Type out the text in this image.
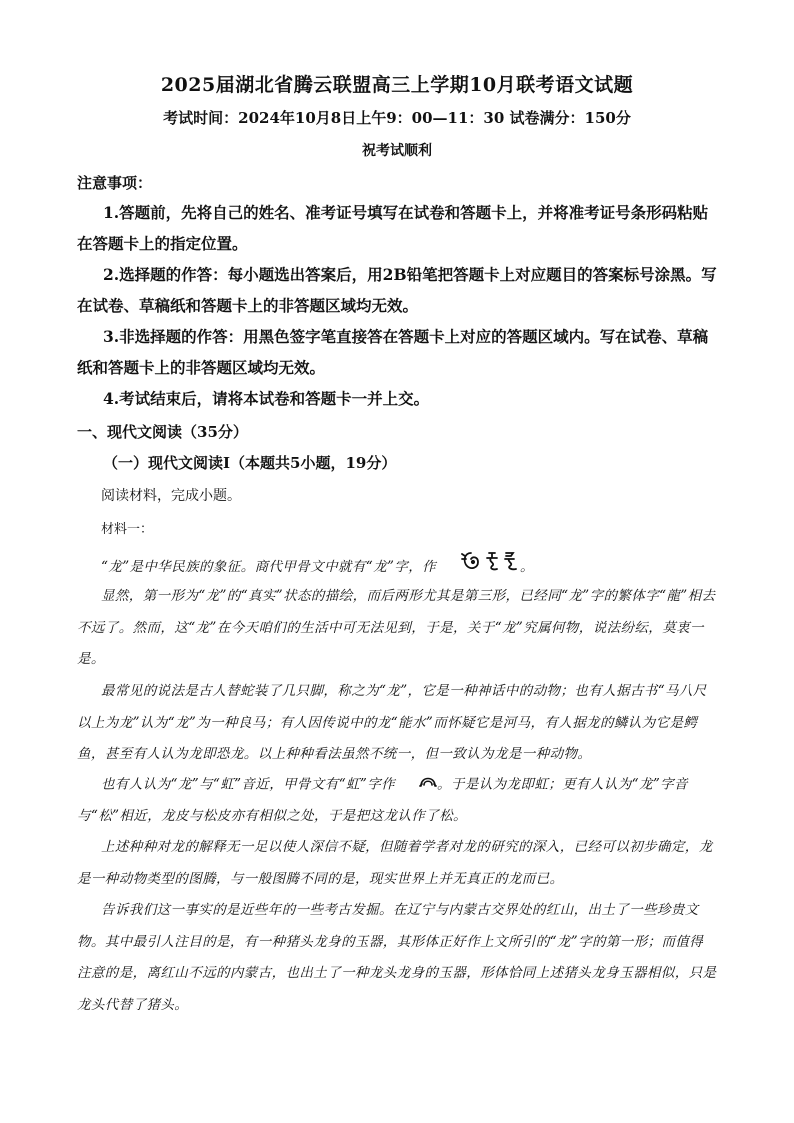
2025届湖北省腾云联盟高三上学期10月联考语文试题
考试时间：2024年10月8日上午9：00—11：30 试卷满分：150分
祝考试顺利
注意事项：

1.答题前，先将自己的姓名、准考证号填写在试卷和答题卡上，并将准考证号条形码粘贴在答题卡上的指定位置。

2.选择题的作答：每小题选出答案后，用2B铅笔把答题卡上对应题目的答案标号涂黑。写在试卷、草稿纸和答题卡上的非答题区域均无效。

3.非选择题的作答：用黑色签字笔直接答在答题卡上对应的答题区域内。写在试卷、草稿纸和答题卡上的非答题区域均无效。

4.考试结束后，请将本试卷和答题卡一并上交。

一、现代文阅读（35分）
（一）现代文阅读Ⅰ（本题共5小题，19分）
阅读材料，完成小题。
材料一：

“龙”是中华民族的象征。商代甲骨文中就有“龙”字，作	。

显然，第一形为“龙”的“真实”状态的描绘，而后两形尤其是第三形，已经同“龙”字的繁体字“龍”相去不远了。然而，这“龙”在今天咱们的生活中可无法见到，于是，关于“龙”究属何物，说法纷纭，莫衷一是。

最常见的说法是古人替蛇装了几只脚，称之为“龙”，它是一种神话中的动物；也有人据古书“马八尺以上为龙”认为“龙”为一种良马；有人因传说中的龙“能水”而怀疑它是河马，有人据龙的鳞认为它是鳄鱼，甚至有人认为龙即恐龙。以上种种看法虽然不统一，但一致认为龙是一种动物。

也有人认为“龙”与“虹”音近，甲骨文有“虹”字作	。于是认为龙即虹；更有人认为“龙”字音与“松”相近，龙皮与松皮亦有相似之处，于是把这龙认作了松。

上述种种对龙的解释无一足以使人深信不疑，但随着学者对龙的研究的深入，已经可以初步确定，龙是一种动物类型的图腾，与一般图腾不同的是，现实世界上并无真正的龙而已。

告诉我们这一事实的是近些年的一些考古发掘。在辽宁与内蒙古交界处的红山，出土了一些珍贵文物。其中最引人注目的是，有一种猪头龙身的玉器，其形体正好作上文所引的“龙”字的第一形；而值得注意的是，离红山不远的内蒙古，也出土了一种龙头龙身的玉器，形体恰同上述猪头龙身玉器相似，只是龙头代替了猪头。
